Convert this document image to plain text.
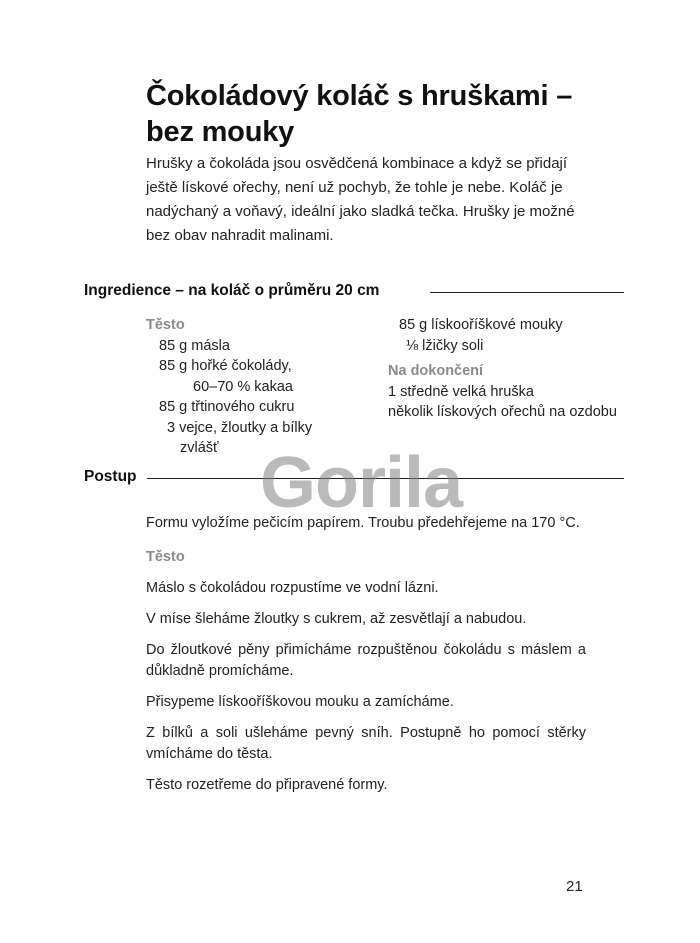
Čokoládový koláč s hruškami – bez mouky

Hrušky a čokoláda jsou osvědčená kombinace a když se přidají ještě lískové ořechy, není už pochyb, že tohle je nebe. Koláč je nadýchaný a voňavý, ideální jako sladká tečka. Hrušky je možné bez obav nahradit malinami.

Ingredience – na koláč o průměru 20 cm
Těsto
85 g másla
85 g hořké čokolády,
60–70 % kakaa
85 g třtinového cukru
3 vejce, žloutky a bílky
zvlášť
85 g lískooříškové mouky
⅛ lžičky soli
Na dokončení
1 středně velká hruška
několik lískových ořechů na ozdobu
Postup Gorila

Formu vyložíme pečicím papírem. Troubu předehřejeme na 170 °C.

Těsto

Máslo s čokoládou rozpustíme ve vodní lázni.

V míse šleháme žloutky s cukrem, až zesvětlají a nabudou.

Do žloutkové pěny přimícháme rozpuštěnou čokoládu s máslem a důkladně promícháme.

Přisypeme lískooříškovou mouku a zamícháme.

Z bílků a soli ušleháme pevný sníh. Postupně ho pomocí stěrky vmícháme do těsta.

Těsto rozetřeme do připravené formy.

21
